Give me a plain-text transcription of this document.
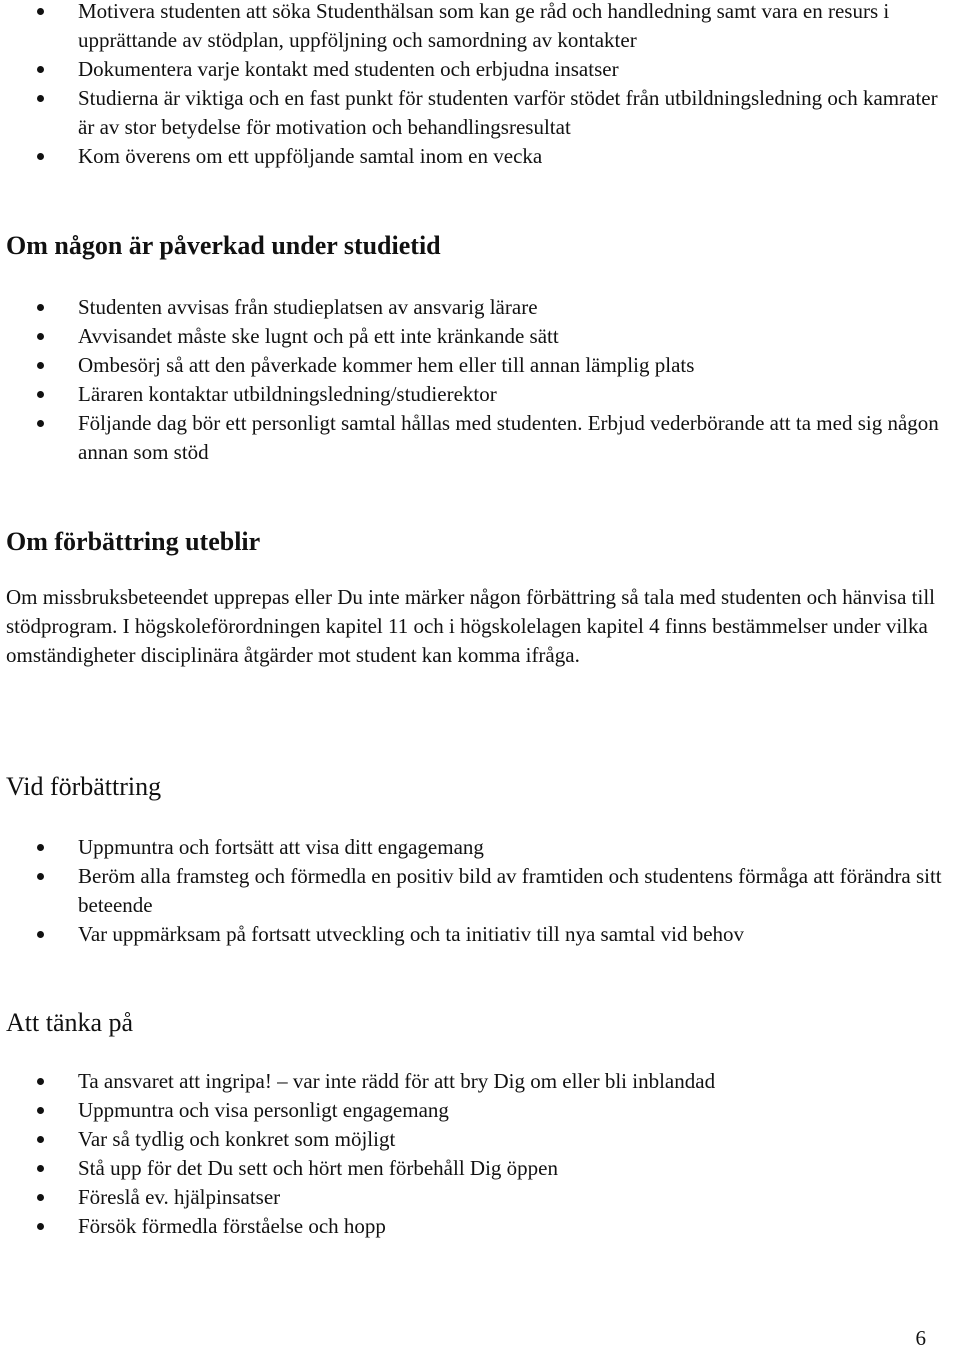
Motivera studenten att söka Studenthälsan som kan ge råd och handledning samt vara en resurs i upprättande av stödplan, uppföljning och samordning av kontakter
Dokumentera varje kontakt med studenten och erbjudna insatser
Studierna är viktiga och en fast punkt för studenten varför stödet från utbildningsledning och kamrater är av stor betydelse för motivation och behandlingsresultat
Kom överens om ett uppföljande samtal inom en vecka
Om någon är påverkad under studietid
Studenten avvisas från studieplatsen av ansvarig lärare
Avvisandet måste ske lugnt och på ett inte kränkande sätt
Ombesörj så att den påverkade kommer hem eller till annan lämplig plats
Läraren kontaktar utbildningsledning/studierektor
Följande dag bör ett personligt samtal hållas med studenten. Erbjud vederbörande att ta med sig någon annan som stöd
Om förbättring uteblir

Om missbruksbeteendet upprepas eller Du inte märker någon förbättring så tala med studenten och hänvisa till stödprogram. I högskoleförordningen kapitel 11 och i högskolelagen kapitel 4 finns bestämmelser under vilka omständigheter disciplinära åtgärder mot student kan komma ifråga.

Vid förbättring
Uppmuntra och fortsätt att visa ditt engagemang
Beröm alla framsteg och förmedla en positiv bild av framtiden och studentens förmåga att förändra sitt beteende
Var uppmärksam på fortsatt utveckling och ta initiativ till nya samtal vid behov
Att tänka på
Ta ansvaret att ingripa! – var inte rädd för att bry Dig om eller bli inblandad
Uppmuntra och visa personligt engagemang
Var så tydlig och konkret som möjligt
Stå upp för det Du sett och hört men förbehåll Dig öppen
Föreslå ev. hjälpinsatser
Försök förmedla förståelse och hopp
6
